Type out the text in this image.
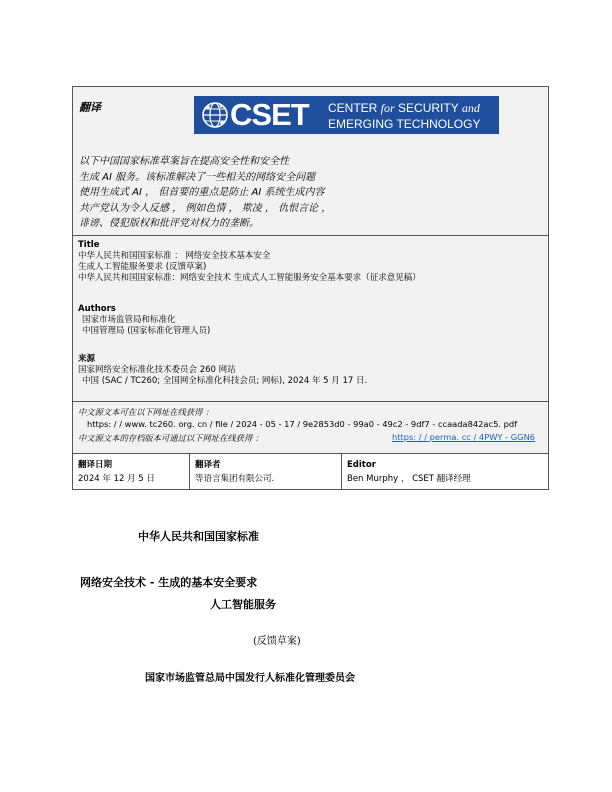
翻译	CSET CENTER for SECURITY and
EMERGING TECHNOLOGY
以下中国国家标准草案旨在提高安全性和安全性
生成 AI 服务。该标准解决了一些相关的网络安全问题
使用生成式 AI ， 但首要的重点是防止 AI 系统生成内容
共产党认为令人反感 ， 例如色情 ， 欺凌 ， 仇恨言论 ，
诽谤、侵犯版权和批评党对权力的垄断。
Title
中华人民共和国国家标准 ： 网络安全技术基本安全
生成人工智能服务要求 (反馈草案)
中华人民共和国国家标准：网络安全技术 生成式人工智能服务安全基本要求（征求意见稿）
Authors
国家市场监管局和标准化
中国管理局 (国家标准化管理人员)
来源
国家网络安全标准化技术委员会 260 网站
中国 (SAC / TC260; 全国网全标准化科技会员; 网标), 2024 年 5 月 17 日.
中文源文本可在以下网址在线获得 ：
https: / / www. tc260. org. cn / file / 2024 - 05 - 17 / 9e2853d0 - 99a0 - 49c2 - 9df7 - ccaada842ac5. pdf
中文源文本的存档版本可通过以下网址在线获得 ：	https: / / perma. cc / 4PWY - GGN6
翻译日期
2024 年 12 月 5 日
翻译者
等语言集团有限公司.
Editor
Ben Murphy ， CSET 翻译经理
中华人民共和国国家标准
网络安全技术 - 生成的基本安全要求
人工智能服务
(反馈草案)
国家市场监管总局中国发行人标准化管理委员会
